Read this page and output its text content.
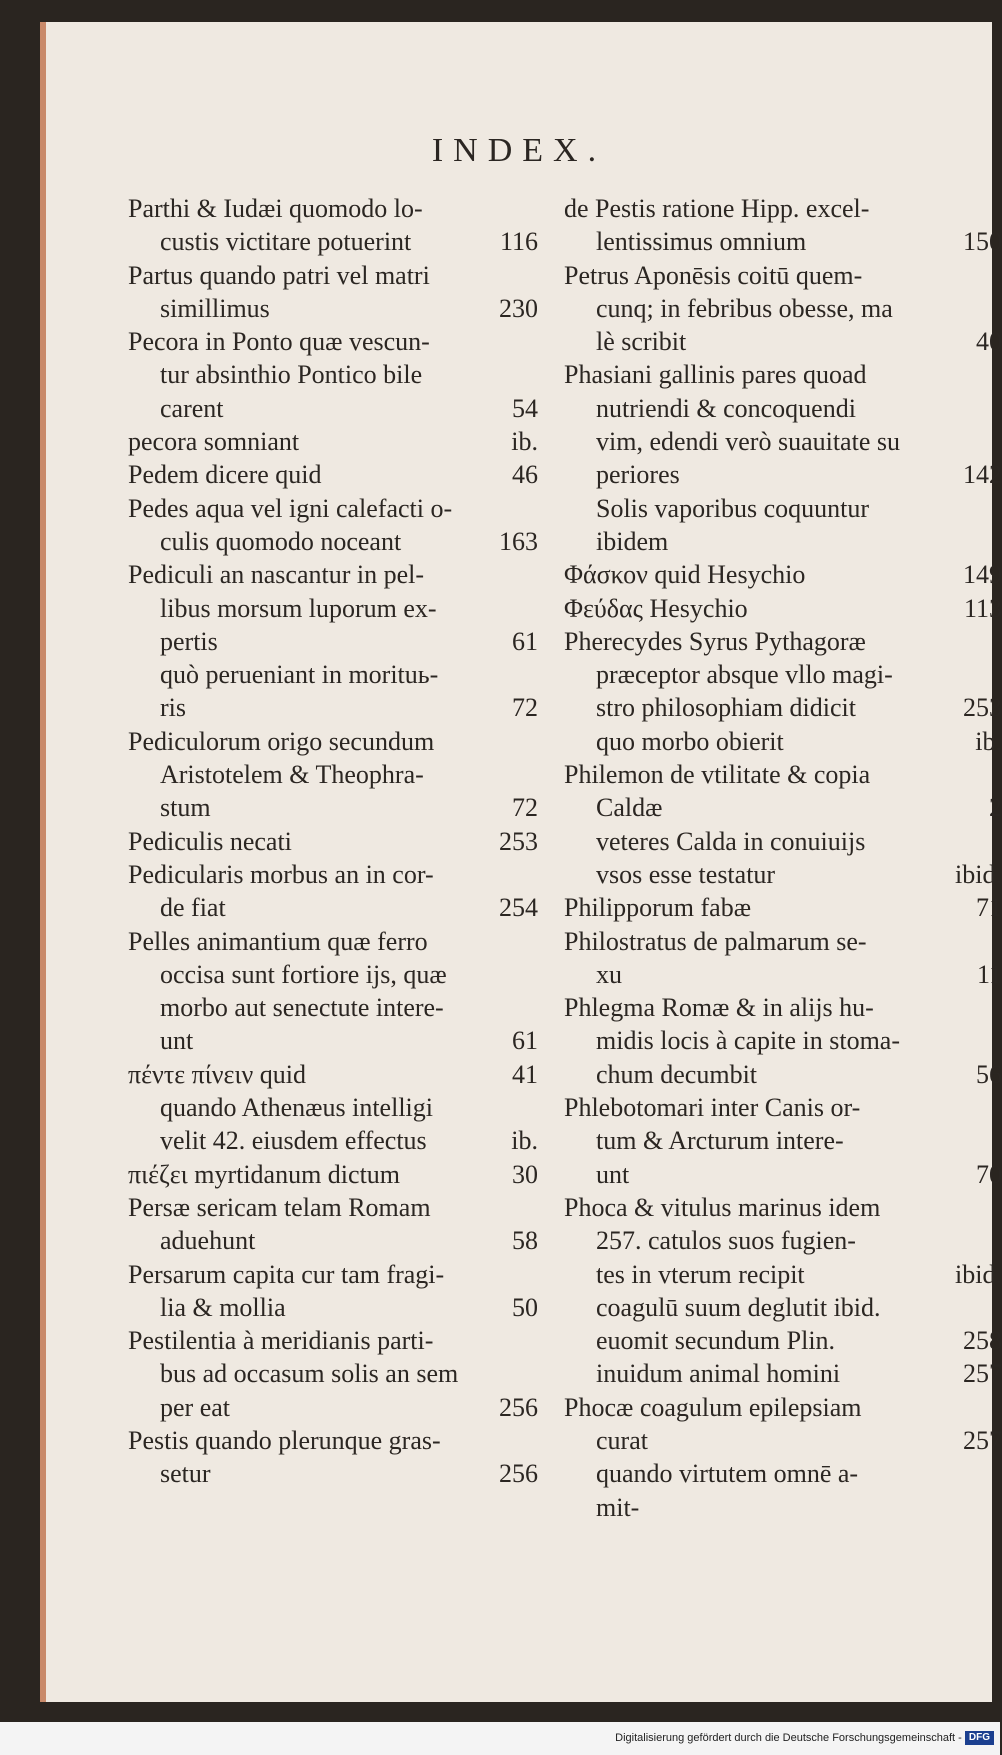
INDEX.
Parthi & Iudæi quomodo lo-
custis victitare potuerint	116
Partus quando patri vel matri
simillimus	230
Pecora in Ponto quæ vescun-
tur absinthio Pontico bile
carent	54
pecora somniant	ib.
Pedem dicere quid	46
Pedes aqua vel igni calefacti o-
culis quomodo noceant	163
Pediculi an nascantur in pel-
libus morsum luporum ex-
pertis	61
quò perueniant in morituь-
ris	72
Pediculorum origo secundum
Aristotelem & Theophra-
stum	72
Pediculis necati	253
Pedicularis morbus an in cor-
de fiat	254
Pelles animantium quæ ferro
occisa sunt fortiore ijs, quæ
morbo aut senectute intere-
unt	61
πέντε πίνειν quid	41
quando Athenæus intelligi
velit 42. eiusdem effectus	ib.
πιέζει myrtidanum dictum	30
Persæ sericam telam Romam
aduehunt	58
Persarum capita cur tam fragi-
lia & mollia	50
Pestilentia à meridianis parti-
bus ad occasum solis an sem
per eat	256
Pestis quando plerunque gras-
setur	256
de Pestis ratione Hipp. excel-
lentissimus omnium	150
Petrus Aponēsis coitū quem-
cunq; in febribus obesse, ma
lè scribit	40
Phasiani gallinis pares quoad
nutriendi & concoquendi
vim, edendi verò suauitate su
periores	142
Solis vaporibus coquuntur
ibidem
Φάσκον quid Hesychio	149
Φεύδας Hesychio	113
Pherecydes Syrus Pythagoræ
præceptor absque vllo magi-
stro philosophiam didicit	253
quo morbo obierit	ib.
Philemon de vtilitate & copia
Caldæ	2
veteres Calda in conuiuijs
vsos esse testatur	ibid.
Philipporum fabæ	71
Philostratus de palmarum se-
xu	11
Phlegma Romæ & in alijs hu-
midis locis à capite in stoma-
chum decumbit	56
Phlebotomari inter Canis or-
tum & Arcturum intere-
unt	70
Phoca & vitulus marinus idem
257. catulos suos fugien-
tes in vterum recipit	ibid.
coagulū suum deglutit ibid.
euomit secundum Plin.	258
inuidum animal homini	257
Phocæ coagulum epilepsiam
curat	257
quando virtutem omnē a-
mit-
Digitalisierung gefördert durch die Deutsche Forschungsgemeinschaft - DFG
